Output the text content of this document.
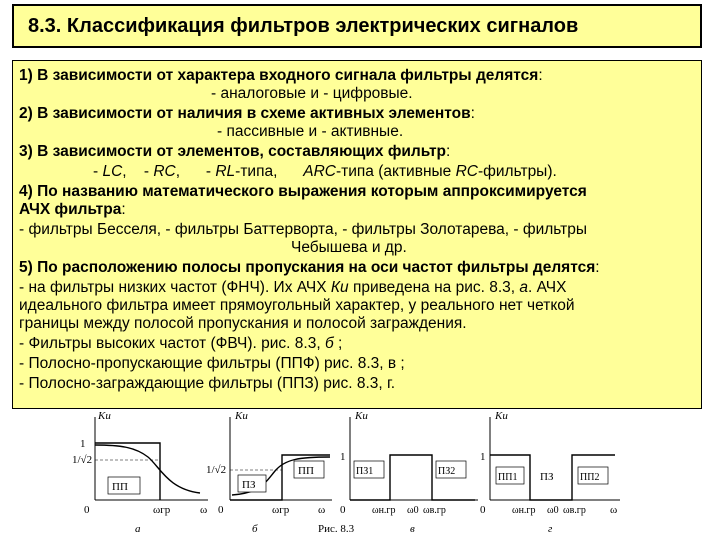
8.3. Классификация фильтров электрических сигналов
1) В зависимости от характера входного сигнала фильтры делятся:
- аналоговые и - цифровые.
2) В зависимости от наличия в схеме активных элементов:
- пассивные и - активные.
3) В зависимости от элементов, составляющих фильтр:
- LC, - RC, - RL-типа, ARC-типа (активные RC-фильтры).
4) По названию математического выражения которым аппроксимируется
АЧХ фильтра:
- фильтры Бесселя, - фильтры Баттерворта, - фильтры Золотарева, - фильтры
Чебышева и др.
5) По расположению полосы пропускания на оси частот фильтры делятся:
- на фильтры низких частот (ФНЧ). Их АЧХ Кu приведена на рис. 8.3, а. АЧХ
идеального фильтра имеет прямоугольный характер, у реального нет четкой
границы между полосой пропускания и полосой заграждения.
- Фильтры высоких частот (ФВЧ). рис. 8.3, б ;
- Полосно-пропускающие фильтры (ППФ) рис. 8.3, в ;
- Полосно-заграждающие фильтры (ППЗ) рис. 8.3, г.
ПП
Ku
1
1/√2
0	ωгр	ω
а
ПЗ
ПП
Ku
1/√2
0	ωгр	ω
б
ПЗ1	ПЗ2
Ku
1
0	ωн.гр ω0 ωв.гр
в
ПП1 ПЗ	ПП2
Ku
1
0	ωн.гр ω0 ωв.гр ω
г
Рис. 8.3
